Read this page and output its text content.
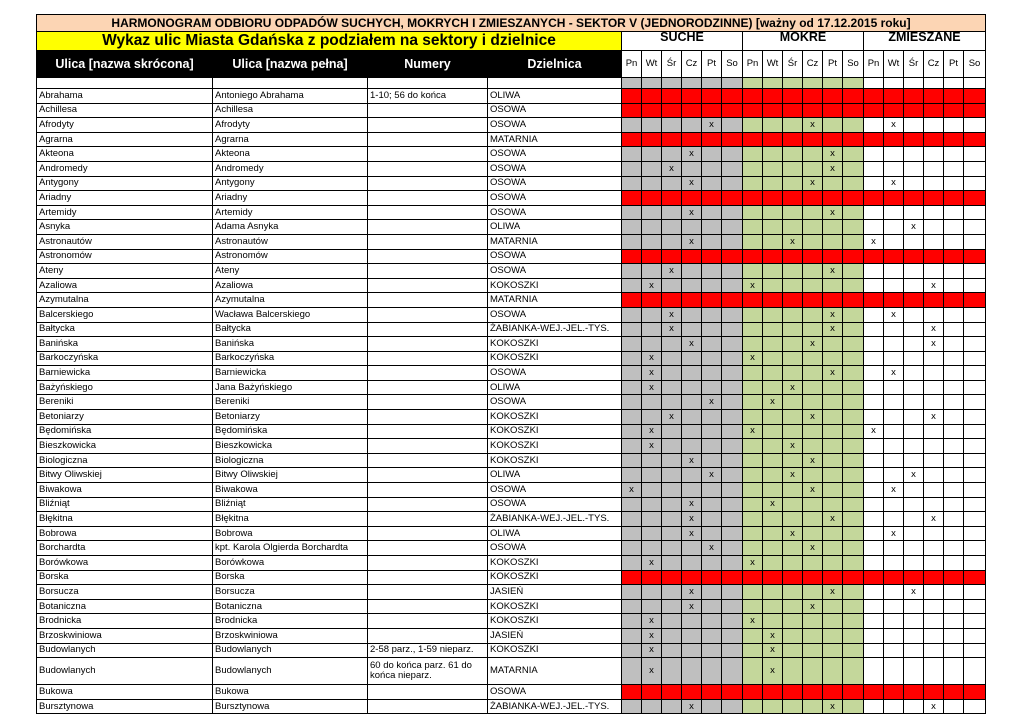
HARMONOGRAM ODBIORU ODPADÓW SUCHYCH, MOKRYCH I ZMIESZANYCH - SEKTOR V (JEDNORODZINNE) [ważny od 17.12.2015 roku]																					
Wykaz ulic Miasta Gdańska z podziałem na sektory i dzielnice				SUCHE						MOKRE						ZMIESZANE					
Ulica [nazwa skrócona]	Ulica [nazwa pełna]	Numery	Dzielnica																		
				Pn	Wt	Śr	Cz	Pt	So	Pn	Wt	Śr	Cz	Pt	So	Pn	Wt	Śr	Cz	Pt	So

Abrahama	Antoniego Abrahama	1-10; 56 do końca	OLIWA																		
Achillesa	Achillesa		OSOWA																		
Afrodyty	Afrodyty		OSOWA					x					x				x				
Agrarna	Agrarna		MATARNIA																		
Akteona	Akteona		OSOWA				x							x							
Andromedy	Andromedy		OSOWA			x								x							
Antygony	Antygony		OSOWA				x						x				x				
Ariadny	Ariadny		OSOWA																		
Artemidy	Artemidy		OSOWA				x							x							
Asnyka	Adama Asnyka		OLIWA															x			
Astronautów	Astronautów		MATARNIA				x					x				x					
Astronomów	Astronomów		OSOWA																		
Ateny	Ateny		OSOWA			x								x							
Azaliowa	Azaliowa		KOKOSZKI		x					x									x		
Azymutalna	Azymutalna		MATARNIA																		
Balcerskiego	Wacława Balcerskiego		OSOWA			x								x			x				
Bałtycka	Bałtycka		ŻABIANKA-WEJ.-JEL.-TYS.			x								x					x		
Banińska	Banińska		KOKOSZKI				x						x						x		
Barkoczyńska	Barkoczyńska		KOKOSZKI		x					x											
Barniewicka	Barniewicka		OSOWA		x									x			x				
Bażyńskiego	Jana Bażyńskiego		OLIWA		x							x									
Bereniki	Bereniki		OSOWA					x			x										
Betoniarzy	Betoniarzy		KOKOSZKI			x							x						x		
Będomińska	Będomińska		KOKOSZKI		x					x						x					
Bieszkowicka	Bieszkowicka		KOKOSZKI		x							x									
Biologiczna	Biologiczna		KOKOSZKI				x						x								
Bitwy Oliwskiej	Bitwy Oliwskiej		OLIWA					x				x						x			
Biwakowa	Biwakowa		OSOWA	x									x				x				
Bliźniąt	Bliźniąt		OSOWA				x				x										
Błękitna	Błękitna		ŻABIANKA-WEJ.-JEL.-TYS.				x							x					x		
Bobrowa	Bobrowa		OLIWA				x					x					x				
Borchardta	kpt. Karola Olgierda Borchardta		OSOWA					x					x								
Borówkowa	Borówkowa		KOKOSZKI		x					x											
Borska	Borska		KOKOSZKI																		
Borsucza	Borsucza		JASIEŃ				x							x				x			
Botaniczna	Botaniczna		KOKOSZKI				x						x								
Brodnicka	Brodnicka		KOKOSZKI		x					x											
Brzoskwiniowa	Brzoskwiniowa		JASIEŃ		x						x										
Budowlanych	Budowlanych	2-58 parz., 1-59 nieparz.	KOKOSZKI		x						x										
Budowlanych	Budowlanych	60 do końca parz. 61 do końca nieparz.	MATARNIA		x						x										
Bukowa	Bukowa		OSOWA																		
Bursztynowa	Bursztynowa		ŻABIANKA-WEJ.-JEL.-TYS.				x							x					x		
